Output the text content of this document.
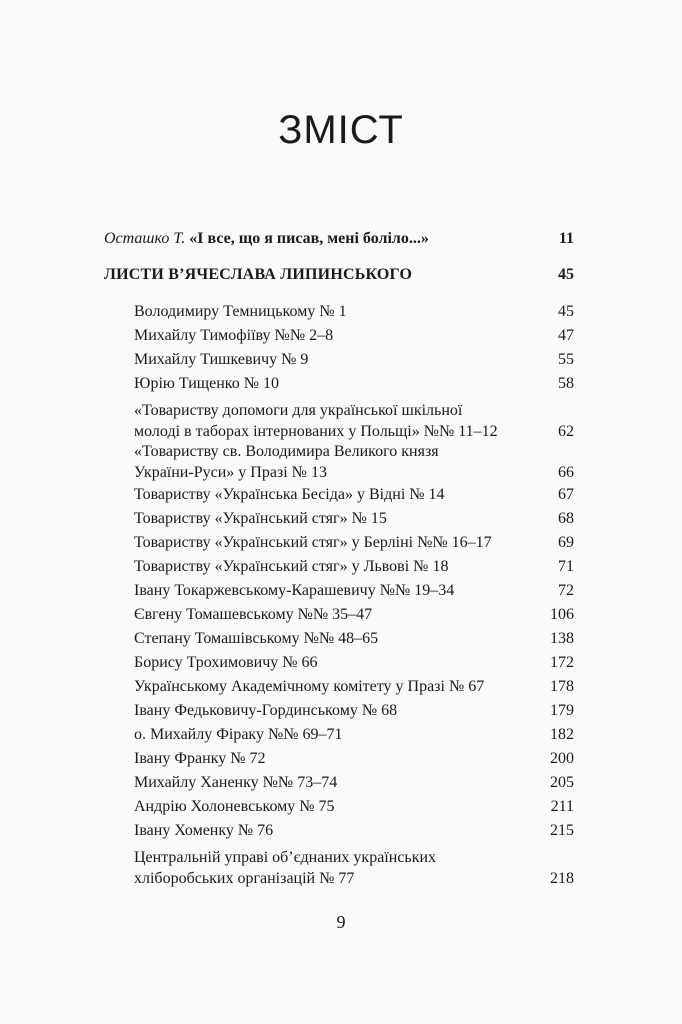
ЗМІСТ
Осташко Т. «І все, що я писав, мені боліло...»	11
ЛИСТИ В’ЯЧЕСЛАВА ЛИПИНСЬКОГО	45
Володимиру Темницькому № 1	45
Михайлу Тимофіїву №№ 2–8	47
Михайлу Тишкевичу № 9	55
Юрію Тищенко № 10	58
«Товариству допомоги для української шкільної
молоді в таборах інтернованих у Польщі» №№ 11–12	62
«Товариству св. Володимира Великого князя
України-Руси» у Празі № 13	66
Товариству «Українська Бесіда» у Відні № 14	67
Товариству «Український стяг» № 15	68
Товариству «Український стяг» у Берліні №№ 16–17	69
Товариству «Український стяг» у Львові № 18	71
Івану Токаржевському-Карашевичу №№ 19–34	72
Євгену Томашевському №№ 35–47	106
Степану Томашівському №№ 48–65	138
Борису Трохимовичу № 66	172
Українському Академічному комітету у Празі № 67	178
Івану Федьковичу-Гординському № 68	179
о. Михайлу Фіраку №№ 69–71	182
Івану Франку № 72	200
Михайлу Ханенку №№ 73–74	205
Андрію Холоневському № 75	211
Івану Хоменку № 76	215
Центральній управі об’єднаних українських
хліборобських організацій № 77	218
9
